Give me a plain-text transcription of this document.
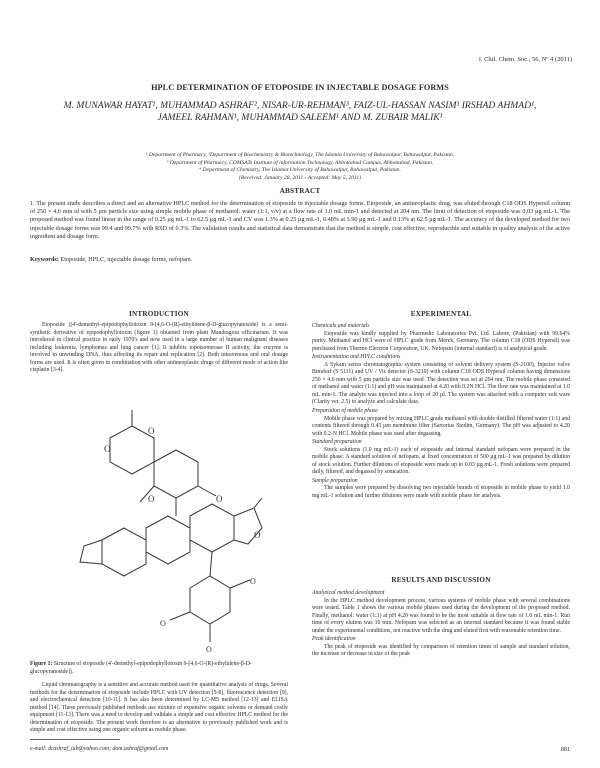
J. Chil. Chem. Soc., 56, Nº 4 (2011)
HPLC DETERMINATION OF ETOPOSIDE IN INJECTABLE DOSAGE FORMS
M. MUNAWAR HAYAT¹, MUHAMMAD ASHRAF², NISAR-UR-REHMAN³, FAIZ-UL-HASSAN NASIM¹ IRSHAD AHMAD¹, JAMEEL RAHMAN¹, MUHAMMAD SALEEM¹ AND M. ZUBAIR MALIK¹
¹ Department of Pharmacy, ²Department of Biochemistry & Biotechnology, The Islamia University of Bahawalpur, Bahawalpur, Pakistan.
³ Department of Pharmacy, COMSATs Institute of information Technology, Abbottabad Campus, Abbottabad, Pakistan.
⁴ Department of Chemistry, The Islamia University of Bahawalpur, Bahawalpur, Pakistan.
(Received: January 28, 2011 - Accepted: May 5, 2011)
ABSTRACT
1. The present study describes a direct and an alternative HPLC method for the determination of etoposide in injectable dosage forms. Etoposide, an antineoplastic drug, was eluted through C18 ODS Hypersil column of 250 × 4.6 mm id with 5 µm particle size using simple mobile phase of methanol: water (1:1, v/v) at a flow rate of 1.0 mL min-1 and detected at 204 nm. The limit of detection of etoposide was 0.03 µg mL-1. The proposed method was found linear in the range of 0.25 µg mL-1 to 62.5 µg mL-1 and CV was 1.3% at 0.25 µg mL-1, 0.48% at 3.90 µg mL-1 and 0.13% at 62.5 µg mL-1. The accuracy of the developed method for two injectable dosage forms was 99.4 and 99.7% with RSD of 0.3%. The validation results and statistical data demonstrate that the method is simple, cost effective, reproducible and suitable in quality analysis of the active ingredient and dosage form.
Keywords: Etoposide, HPLC, injectable dosage forms, nefopam.
INTRODUCTION

Etoposide [(4'-demethyl-epipodophyllotoxin 9-[4,6-O-(R)-ethylidene-β-D-glucopyranoside] is a semi-synthetic derivative of epipodophyllotoxin (figure 1) obtained from plant Mandragora officinarum. It was introduced in clinical practice in early 1970's and now used in a large number of human malignant diseases including leukemia, lymphomas and lung cancer [1]. It inhibits topoisomerase II activity, the enzyme is involved in unwinding DNA, thus affecting its repair and replication [2]. Both intravenous and oral dosage forms are used. It is often given in combination with other antineoplastic drugs of different mode of action like cisplatin [3-4].

O
O
O	O
O
O
O
O
Figure 1: Structure of etoposide (4'-demethyl-epipodophyllotoxin 9-[4,6-O-(R)-ethylidene-β-D-glucopyranoside]).

Liquid chromatography is a sensitive and accurate method used for quantitative analysis of drugs. Several methods for the determination of etoposide include HPLC with UV detection [5-8], fluorescence detection [9], and electrochemical detection [10-11]. It has also been determined by LC-MS method [12-13] and ELISA method [14]. These previously published methods use mixture of expensive organic solvents or demand costly equipment [11-13]. There was a need to develop and validate a simple and cost effective HPLC method for the determination of etoposide. The present work therefore is an alternative to previously published work and is simple and cost effective using one organic solvent as mobile phase.

EXPERIMENTAL
Chemicals and materials

Etoposide was kindly supplied by Pharmedic Laboratories Pvt. Ltd. Lahore, (Pakistan) with 99.64% purity. Methanol and HCl were of HPLC grade from Merck, Germany. The column C18 (ODS Hypersil) was purchased from Thermo Electron Corporation, UK. Nefopam (internal standard) is of analytical grade.

Instrumentation and HPLC conditions

A Sykam series chromatographic system consisting of solvent delivery system (S-2100), Injector valve Bimdorf (S 5111) and UV / Vis detector (S-3210) with column C18 ODS Hypersil column having dimensions 250 × 4.6 mm with 5 µm particle size was used. The detection was set at 204 nm. The mobile phase consisted of methanol and water (1:1) and pH was maintained at 4.20 with 0.2N HCl. The flow rate was maintained at 1.0 mL min-1. The analyte was injected into a loop of 20 µl. The system was attached with a computer soft ware (Clarity ver. 2.5) to analyze and calculate data.

Preparation of mobile phase

Mobile phase was prepared by mixing HPLC grade methanol with double distilled filtered water (1:1) and contents filtered through 0.45 µm membrane filter (Sartorius Stedim, Germany). The pH was adjusted to 4.20 with 0.2-N HCl. Mobile phase was used after degassing.

Standard preparation

Stock solutions (1.0 mg mL-1) each of etoposide and internal standard nefopam were prepared in the mobile phase. A standard solution of nefopam, at fixed concentration of 500 µg mL-1 was prepared by dilution of stock solution. Further dilutions of etoposide were made up to 0.03 µg mL-1. Fresh solutions were prepared daily, filtered, and degassed by sonication.

Sample preparation

The samples were prepared by dissolving two injectable brands of etoposide in mobile phase to yield 1.0 mg mL-1 solution and further dilutions were made with mobile phase for analysis.

RESULTS AND DISCUSSION
Analytical method development

In the HPLC method development process, various systems of mobile phase with several combinations were tested. Table 1 shows the various mobile phases used during the development of the proposed method. Finally, methanol: water (1:1) at pH 4.20 was found to be the most suitable at flow rate of 1.0 mL min-1. Run time of every elution was 10 min. Nefopam was selected as an internal standard because it was found stable under the experimental conditions, not reactive with the drug and eluted first with reasonable retention time.

Peak identification

The peak of etoposide was identified by comparison of retention times of sample and standard solution, the increase or decrease in size of the peak

e-mail: drashraf_iub@yahoo.com; dom.ashraf@gmail.com	881
